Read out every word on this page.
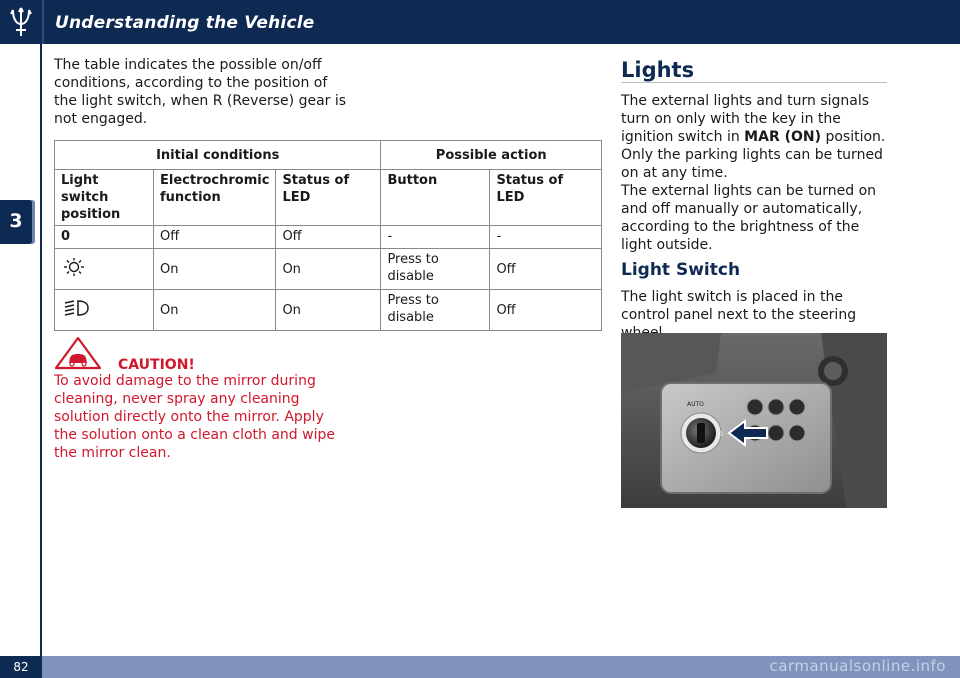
Understanding the Vehicle
3
The table indicates the possible on/off conditions, according to the position of the light switch, when R (Reverse) gear is not engaged.
Initial conditions			Possible action	
Light switch position	Electrochromic function	Status of LED	Button	Status of LED
0	Off	Off	-	-
	On	On	Press to disable	Off
	On	On	Press to disable	Off
CAUTION!
To avoid damage to the mirror during cleaning, never spray any cleaning solution directly onto the mirror. Apply the solution onto a clean cloth and wipe the mirror clean.
Lights
The external lights and turn signals turn on only with the key in the ignition switch in MAR (ON) position. Only the parking lights can be turned on at any time.
The external lights can be turned on and off manually or automatically, according to the brightness of the light outside.
Light Switch
The light switch is placed in the control panel next to the steering
AUTO
0
82	carmanualsonline.info
